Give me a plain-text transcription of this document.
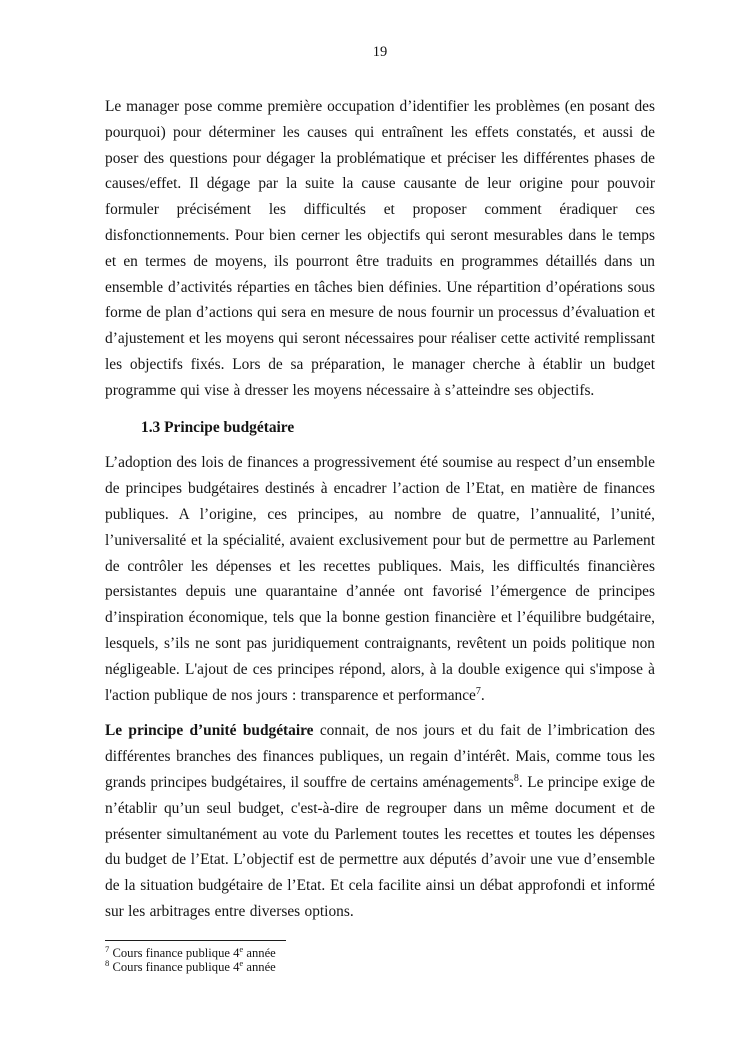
19

Le manager pose comme première occupation d’identifier les problèmes (en posant des pourquoi) pour déterminer les causes qui entraînent les effets constatés, et aussi de poser des questions pour dégager la problématique et préciser les différentes phases de causes/effet. Il dégage par la suite la cause causante de leur origine pour pouvoir formuler précisément les difficultés et proposer comment éradiquer ces disfonctionnements. Pour bien cerner les objectifs qui seront mesurables dans le temps et en termes de moyens, ils pourront être traduits en programmes détaillés dans un ensemble d’activités réparties en tâches bien définies. Une répartition d’opérations sous forme de plan d’actions qui sera en mesure de nous fournir un processus d’évaluation et d’ajustement et les moyens qui seront nécessaires pour réaliser cette activité remplissant les objectifs fixés. Lors de sa préparation, le manager cherche à établir un budget programme qui vise à dresser les moyens nécessaire à s’atteindre ses objectifs.

1.3 Principe budgétaire

L’adoption des lois de finances a progressivement été soumise au respect d’un ensemble de principes budgétaires destinés à encadrer l’action de l’Etat, en matière de finances publiques. A l’origine, ces principes, au nombre de quatre, l’annualité, l’unité, l’universalité et la spécialité, avaient exclusivement pour but de permettre au Parlement de contrôler les dépenses et les recettes publiques. Mais, les difficultés financières persistantes depuis une quarantaine d’année ont favorisé l’émergence de principes d’inspiration économique, tels que la bonne gestion financière et l’équilibre budgétaire, lesquels, s’ils ne sont pas juridiquement contraignants, revêtent un poids politique non négligeable. L'ajout de ces principes répond, alors, à la double exigence qui s'impose à l'action publique de nos jours : transparence et performance$^7$.

Le principe d’unité budgétaire connait, de nos jours et du fait de l’imbrication des différentes branches des finances publiques, un regain d’intérêt. Mais, comme tous les grands principes budgétaires, il souffre de certains aménagements$^8$. Le principe exige de n’établir qu’un seul budget, c'est-à-dire de regrouper dans un même document et de présenter simultanément au vote du Parlement toutes les recettes et toutes les dépenses du budget de l’Etat. L’objectif est de permettre aux députés d’avoir une vue d’ensemble de la situation budgétaire de l’Etat. Et cela facilite ainsi un débat approfondi et informé sur les arbitrages entre diverses options.

$^7$ Cours finance publique 4e année
$^8$ Cours finance publique 4e année
